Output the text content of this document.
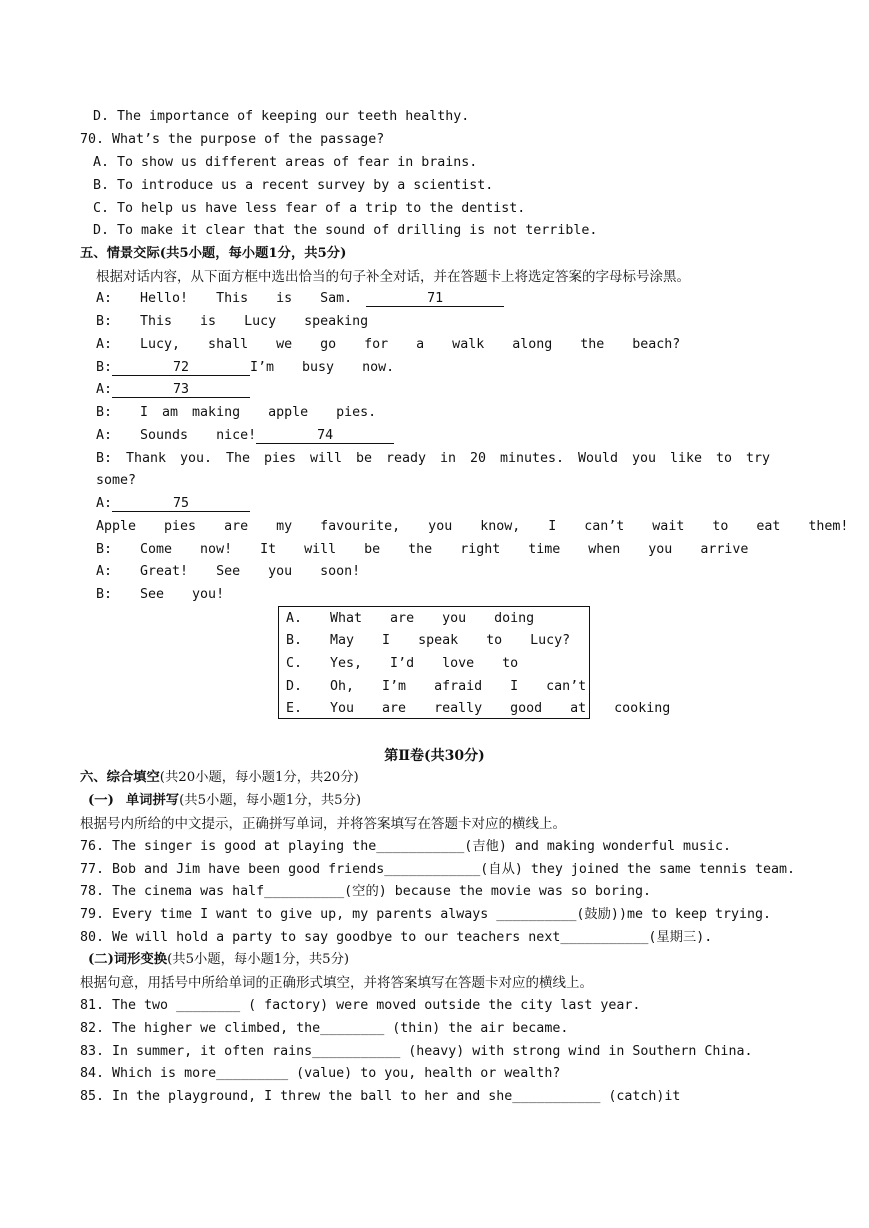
D. The importance of keeping our teeth healthy.
70. What’s the purpose of the passage?
A. To show us different areas of fear in brains.
B. To introduce us a recent survey by a scientist.
C. To help us have less fear of a trip to the dentist.
D. To make it clear that the sound of drilling is not terrible.
五、情景交际(共5小题，每小题1分，共5分)
根据对话内容，从下面方框中选出恰当的句子补全对话，并在答题卡上将选定答案的字母标号涂黑。
A:  Hello!  This  is  Sam.	71
B:  This  is  Lucy  speaking
A:  Lucy,  shall  we  go  for  a  walk  along  the  beach?
B:	72	I’m  busy  now.
A:	73
B:  I am making  apple  pies.
A:  Sounds  nice!	74
B: Thank you. The pies will be ready in 20 minutes. Would you like to try
some?
A:	75
Apple  pies  are  my  favourite,  you  know,  I  can’t  wait  to  eat  them!
B:  Come  now!  It  will  be  the  right  time  when  you  arrive
A:  Great!  See  you  soon!
B:  See  you!
A.  What  are  you  doing
B.  May  I  speak  to  Lucy?
C.  Yes,  I’d  love  to
D.  Oh,  I’m  afraid  I  can’t
E.  You  are  really  good  at  cooking
第Ⅱ卷(共30分)
六、综合填空(共20小题，每小题1分，共20分)
(一) 单词拼写(共5小题，每小题1分，共5分)
根据号内所给的中文提示，正确拼写单词，并将答案填写在答题卡对应的横线上。
76. The singer is good at playing the___________(吉他) and making wonderful music.
77. Bob and Jim have been good friends____________(自从) they joined the same tennis team.
78. The cinema was half__________(空的) because the movie was so boring.
79. Every time I want to give up, my parents always __________(鼓励))me to keep trying.
80. We will hold a party to say goodbye to our teachers next___________(星期三).
(二)词形变换(共5小题，每小题1分，共5分)
根据句意，用括号中所给单词的正确形式填空，并将答案填写在答题卡对应的横线上。
81. The two ________ ( factory) were moved outside the city last year.
82. The higher we climbed, the________ (thin) the air became.
83. In summer, it often rains___________ (heavy) with strong wind in Southern China.
84. Which is more_________ (value) to you, health or wealth?
85. In the playground, I threw the ball to her and she___________ (catch)it
